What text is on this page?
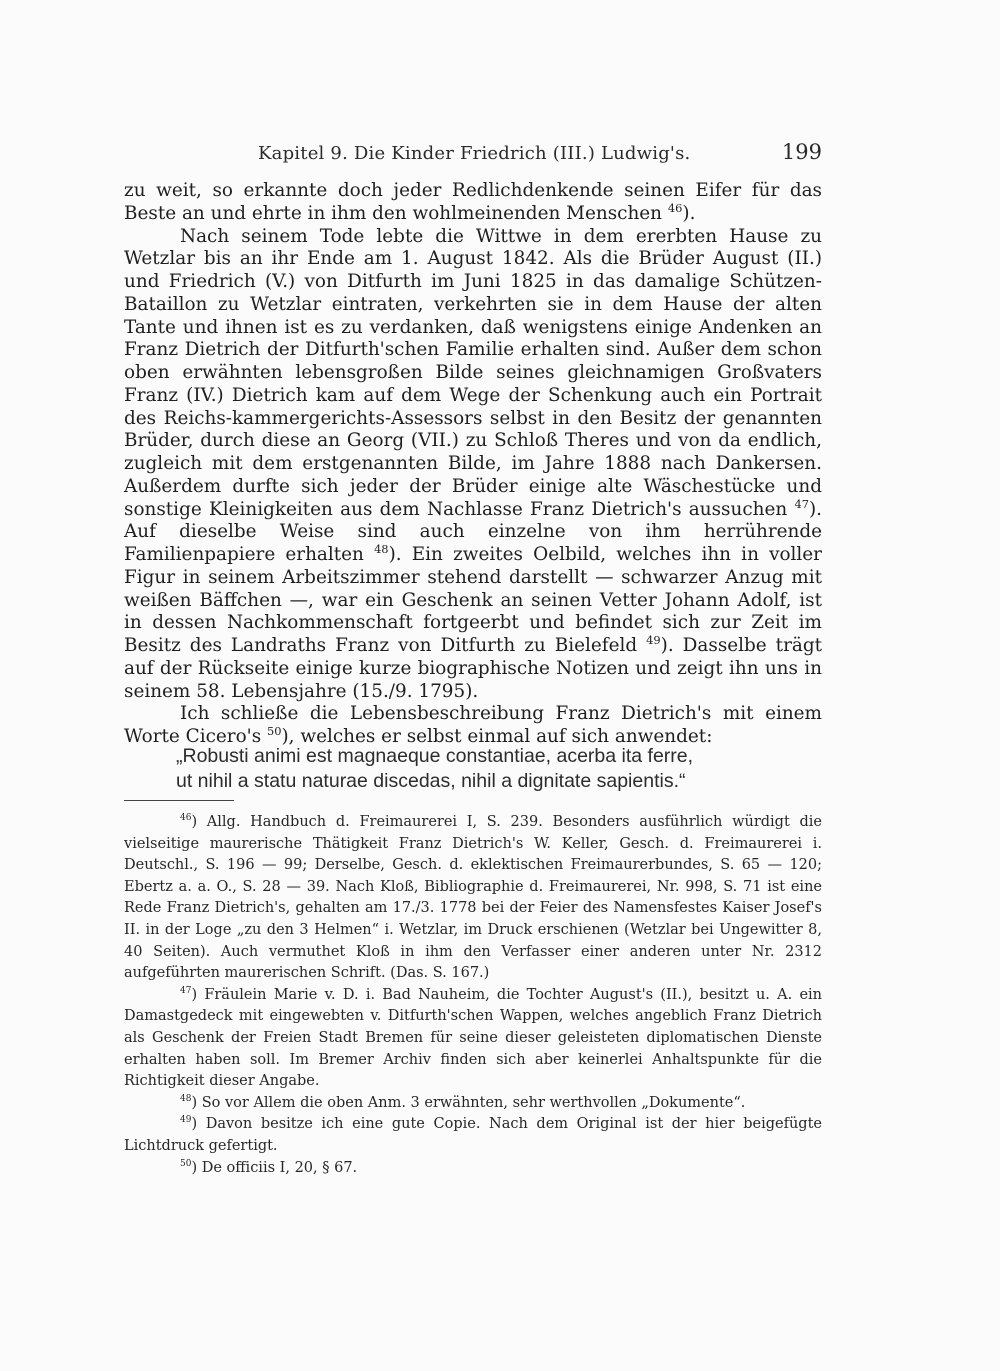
Kapitel 9. Die Kinder Friedrich (III.) Ludwig's.	199

zu weit, so erkannte doch jeder Redlichdenkende seinen Eifer für das Beste an und ehrte in ihm den wohlmeinenden Menschen $^{46}$).

Nach seinem Tode lebte die Wittwe in dem ererbten Hause zu Wetzlar bis an ihr Ende am 1. August 1842. Als die Brüder August (II.) und Friedrich (V.) von Ditfurth im Juni 1825 in das damalige Schützen-Bataillon zu Wetzlar eintraten, verkehrten sie in dem Hause der alten Tante und ihnen ist es zu verdanken, daß wenigstens einige Andenken an Franz Dietrich der Ditfurth'schen Familie erhalten sind. Außer dem schon oben erwähnten lebensgroßen Bilde seines gleichnamigen Großvaters Franz (IV.) Dietrich kam auf dem Wege der Schenkung auch ein Portrait des Reichs-kammergerichts-Assessors selbst in den Besitz der genannten Brüder, durch diese an Georg (VII.) zu Schloß Theres und von da endlich, zugleich mit dem erstgenannten Bilde, im Jahre 1888 nach Dankersen. Außerdem durfte sich jeder der Brüder einige alte Wäschestücke und sonstige Kleinigkeiten aus dem Nachlasse Franz Dietrich's aussuchen $^{47}$). Auf dieselbe Weise sind auch einzelne von ihm herrührende Familienpapiere erhalten $^{48}$). Ein zweites Oelbild, welches ihn in voller Figur in seinem Arbeitszimmer stehend darstellt — schwarzer Anzug mit weißen Bäffchen —, war ein Geschenk an seinen Vetter Johann Adolf, ist in dessen Nachkommenschaft fortgeerbt und befindet sich zur Zeit im Besitz des Landraths Franz von Ditfurth zu Bielefeld $^{49}$). Dasselbe trägt auf der Rückseite einige kurze biographische Notizen und zeigt ihn uns in seinem 58. Lebensjahre (15./9. 1795).

Ich schließe die Lebensbeschreibung Franz Dietrich's mit einem Worte Cicero's $^{50}$), welches er selbst einmal auf sich anwendet:

„Robusti animi est magnaeque constantiae, acerba ita ferre,
ut nihil a statu naturae discedas, nihil a dignitate sapientis.“

$^{46}$) Allg. Handbuch d. Freimaurerei I, S. 239. Besonders ausführlich würdigt die vielseitige maurerische Thätigkeit Franz Dietrich's W. Keller, Gesch. d. Freimaurerei i. Deutschl., S. 196 — 99; Derselbe, Gesch. d. eklektischen Freimaurerbundes, S. 65 — 120; Ebertz a. a. O., S. 28 — 39. Nach Kloß, Bibliographie d. Freimaurerei, Nr. 998, S. 71 ist eine Rede Franz Dietrich's, gehalten am 17./3. 1778 bei der Feier des Namensfestes Kaiser Josef's II. in der Loge „zu den 3 Helmen“ i. Wetzlar, im Druck erschienen (Wetzlar bei Ungewitter 8, 40 Seiten). Auch vermuthet Kloß in ihm den Verfasser einer anderen unter Nr. 2312 aufgeführten maurerischen Schrift. (Das. S. 167.)

$^{47}$) Fräulein Marie v. D. i. Bad Nauheim, die Tochter August's (II.), besitzt u. A. ein Damastgedeck mit eingewebten v. Ditfurth'schen Wappen, welches angeblich Franz Dietrich als Geschenk der Freien Stadt Bremen für seine dieser geleisteten diplomatischen Dienste erhalten haben soll. Im Bremer Archiv finden sich aber keinerlei Anhaltspunkte für die Richtigkeit dieser Angabe.

$^{48}$) So vor Allem die oben Anm. 3 erwähnten, sehr werthvollen „Dokumente“.

$^{49}$) Davon besitze ich eine gute Copie. Nach dem Original ist der hier beigefügte Lichtdruck gefertigt.

$^{50}$) De officiis I, 20, § 67.
